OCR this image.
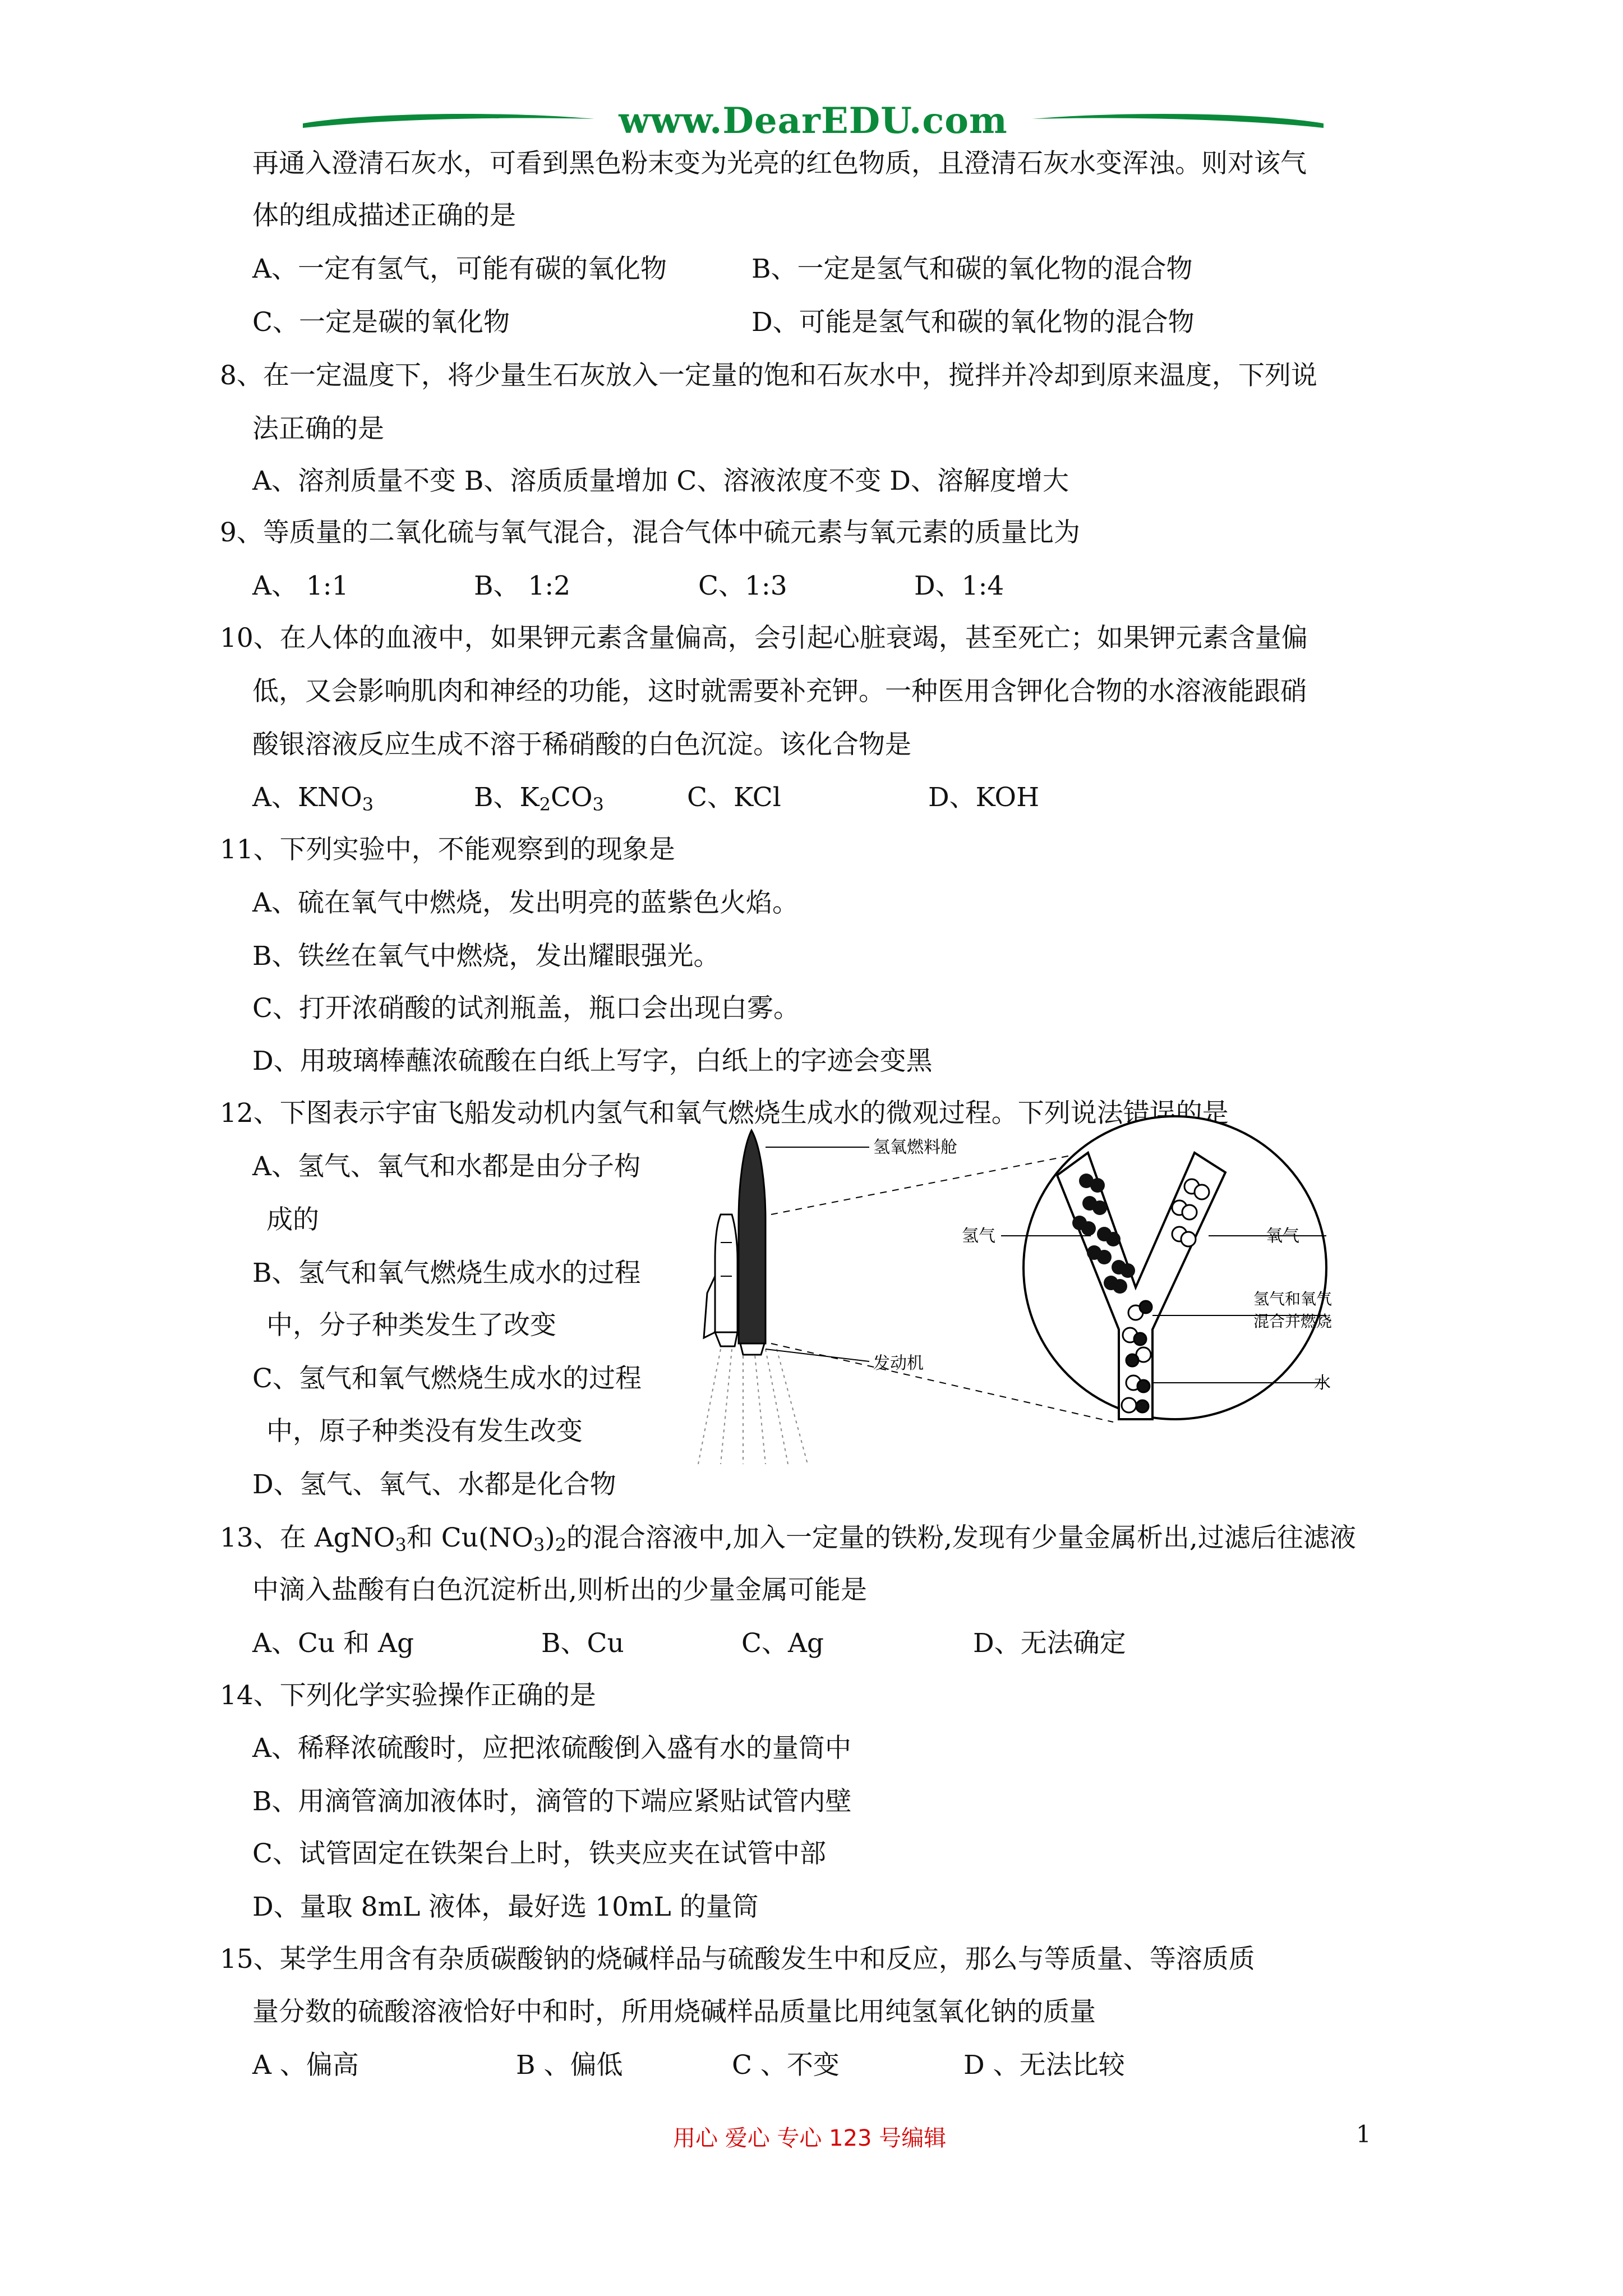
www.DearEDU.com
再通入澄清石灰水，可看到黑色粉末变为光亮的红色物质，且澄清石灰水变浑浊。则对该气
体的组成描述正确的是
A、一定有氢气，可能有碳的氧化物	B、一定是氢气和碳的氧化物的混合物
C、一定是碳的氧化物	D、可能是氢气和碳的氧化物的混合物
8、在一定温度下，将少量生石灰放入一定量的饱和石灰水中，搅拌并冷却到原来温度，下列说
法正确的是
A、溶剂质量不变 B、溶质质量增加 C、溶液浓度不变 D、溶解度增大
9、等质量的二氧化硫与氧气混合，混合气体中硫元素与氧元素的质量比为
A、 1:1	B、 1:2	C、1:3	D、1:4
10、在人体的血液中，如果钾元素含量偏高，会引起心脏衰竭，甚至死亡；如果钾元素含量偏
低，又会影响肌肉和神经的功能，这时就需要补充钾。一种医用含钾化合物的水溶液能跟硝
酸银溶液反应生成不溶于稀硝酸的白色沉淀。该化合物是
A、$KNO_3$	B、$K_2CO_3$	C、KCl	D、KOH
11、下列实验中，不能观察到的现象是
A、硫在氧气中燃烧，发出明亮的蓝紫色火焰。
B、铁丝在氧气中燃烧，发出耀眼强光。
C、打开浓硝酸的试剂瓶盖，瓶口会出现白雾。
D、用玻璃棒蘸浓硫酸在白纸上写字，白纸上的字迹会变黑
12、下图表示宇宙飞船发动机内氢气和氧气燃烧生成水的微观过程。下列说法错误的是
A、氢气、氧气和水都是由分子构
成的
B、氢气和氧气燃烧生成水的过程
中，分子种类发生了改变
C、氢气和氧气燃烧生成水的过程
中，原子种类没有发生改变
D、氢气、氧气、水都是化合物
氢氧燃料舱
氢气	氧气
氢气和氧气
混合并燃烧
发动机
水
13、在 AgNO$_3$和 $Cu(NO_3)_2$的混合溶液中,加入一定量的铁粉,发现有少量金属析出,过滤后往滤液
中滴入盐酸有白色沉淀析出,则析出的少量金属可能是
A、Cu 和 Ag	B、Cu	C、Ag	D、无法确定
14、下列化学实验操作正确的是
A、稀释浓硫酸时，应把浓硫酸倒入盛有水的量筒中
B、用滴管滴加液体时，滴管的下端应紧贴试管内壁
C、试管固定在铁架台上时，铁夹应夹在试管中部
D、量取 8mL 液体，最好选 10mL 的量筒
15、某学生用含有杂质碳酸钠的烧碱样品与硫酸发生中和反应，那么与等质量、等溶质质
量分数的硫酸溶液恰好中和时，所用烧碱样品质量比用纯氢氧化钠的质量
A 、偏高	B 、偏低	C 、不变	D 、无法比较
用心 爱心 专心 123 号编辑	1
